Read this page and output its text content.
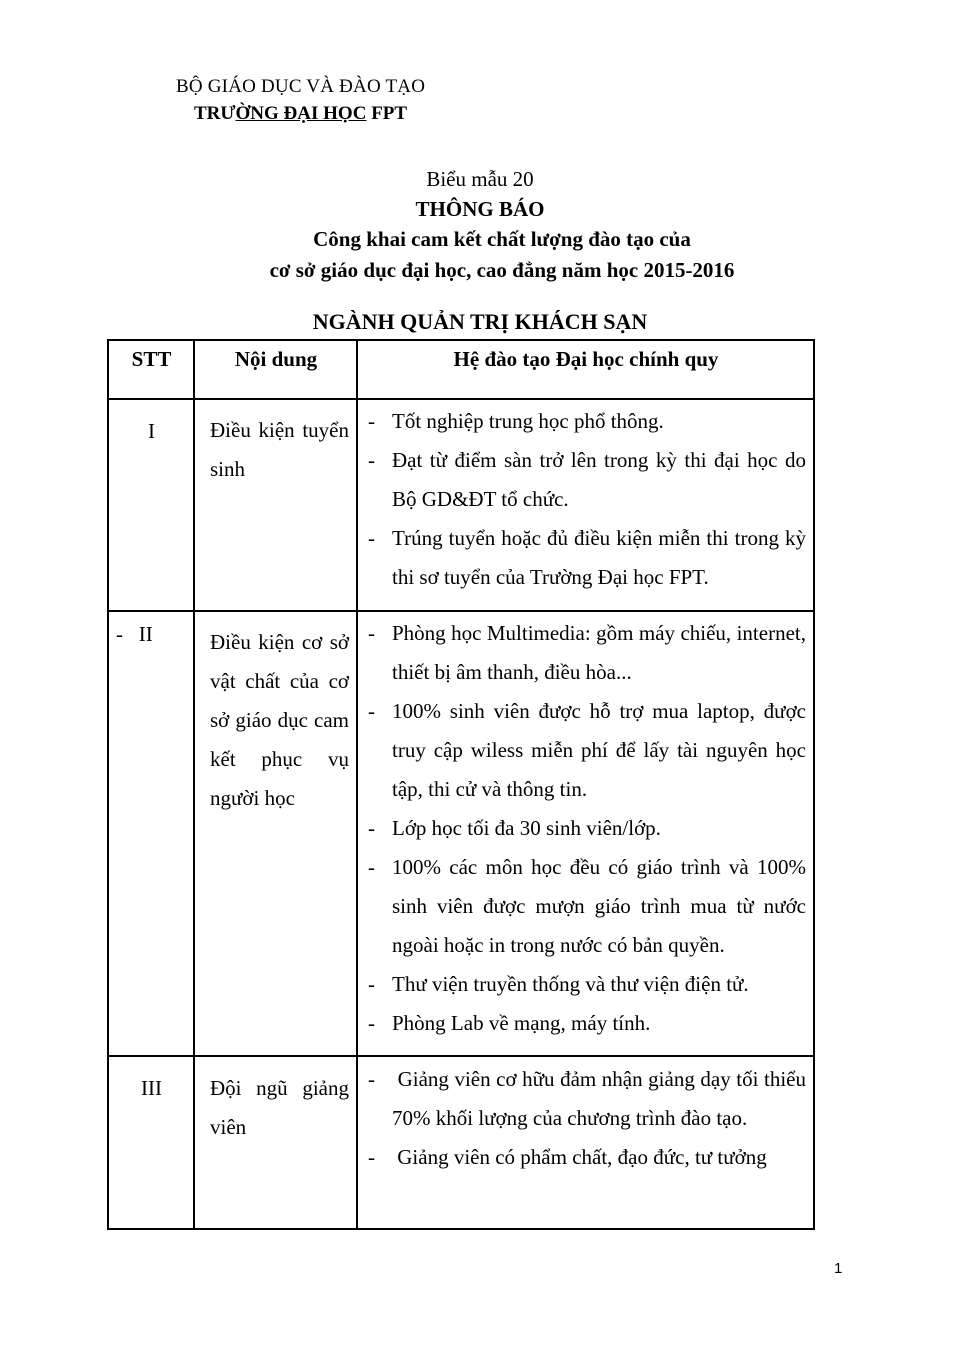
BỘ GIÁO DỤC VÀ ĐÀO TẠO
TRƯỜNG ĐẠI HỌC FPT
Biểu mẫu 20
THÔNG BÁO
Công khai cam kết chất lượng đào tạo của
cơ sở giáo dục đại học, cao đẳng năm học 2015-2016
NGÀNH QUẢN TRỊ KHÁCH SẠN
STT	Nội dung	Hệ đào tạo Đại học chính quy
I	Điều kiện tuyển sinh
- Tốt nghiệp trung học phổ thông.
- Đạt từ điểm sàn trở lên trong kỳ thi đại học do Bộ GD&ĐT tổ chức.
- Trúng tuyển hoặc đủ điều kiện miễn thi trong kỳ thi sơ tuyển của Trường Đại học FPT.
-   II	Điều kiện cơ sở vật chất của cơ sở giáo dục cam kết phục vụ người học
- Phòng học Multimedia: gồm máy chiếu, internet, thiết bị âm thanh, điều hòa...
- 100% sinh viên được hỗ trợ mua laptop, được truy cập wiless miễn phí để lấy tài nguyên học tập, thi cử và thông tin.
- Lớp học tối đa 30 sinh viên/lớp.
- 100% các môn học đều có giáo trình và 100% sinh viên được mượn giáo trình mua từ nước ngoài hoặc in trong nước có bản quyền.
- Thư viện truyền thống và thư viện điện tử.
- Phòng Lab về mạng, máy tính.
III	Đội ngũ giảng viên
- Giảng viên cơ hữu đảm nhận giảng dạy tối thiểu 70% khối lượng của chương trình đào tạo.
- Giảng viên có phẩm chất, đạo đức, tư tưởng
1
